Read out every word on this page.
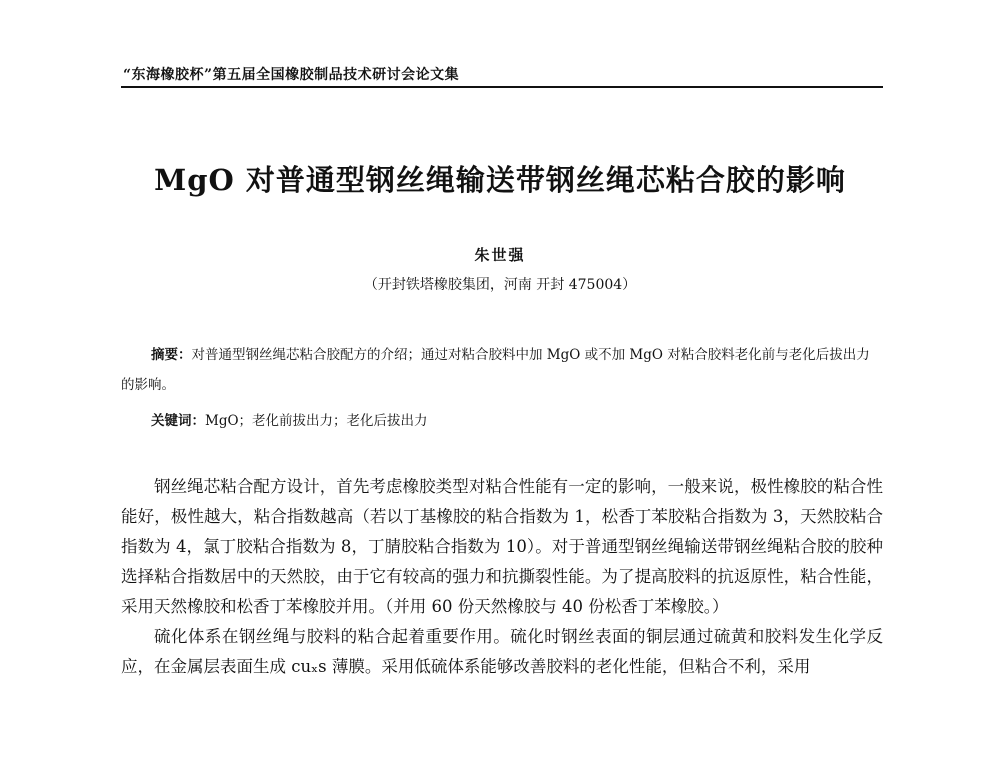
“东海橡胶杯”第五届全国橡胶制品技术研讨会论文集
MgO 对普通型钢丝绳输送带钢丝绳芯粘合胶的影响
朱世强
（开封铁塔橡胶集团，河南 开封 475004）
摘要：对普通型钢丝绳芯粘合胶配方的介绍；通过对粘合胶料中加 MgO 或不加 MgO 对粘合胶料老化前与老化后拔出力的影响。
关键词：MgO；老化前拔出力；老化后拔出力

钢丝绳芯粘合配方设计，首先考虑橡胶类型对粘合性能有一定的影响，一般来说，极性橡胶的粘合性能好，极性越大，粘合指数越高（若以丁基橡胶的粘合指数为 1，松香丁苯胶粘合指数为 3，天然胶粘合指数为 4，氯丁胶粘合指数为 8，丁腈胶粘合指数为 10）。对于普通型钢丝绳输送带钢丝绳粘合胶的胶种选择粘合指数居中的天然胶，由于它有较高的强力和抗撕裂性能。为了提高胶料的抗返原性，粘合性能，采用天然橡胶和松香丁苯橡胶并用。（并用 60 份天然橡胶与 40 份松香丁苯橡胶。）

硫化体系在钢丝绳与胶料的粘合起着重要作用。硫化时钢丝表面的铜层通过硫黄和胶料发生化学反应，在金属层表面生成 cuₓs 薄膜。采用低硫体系能够改善胶料的老化性能，但粘合不利，采用
